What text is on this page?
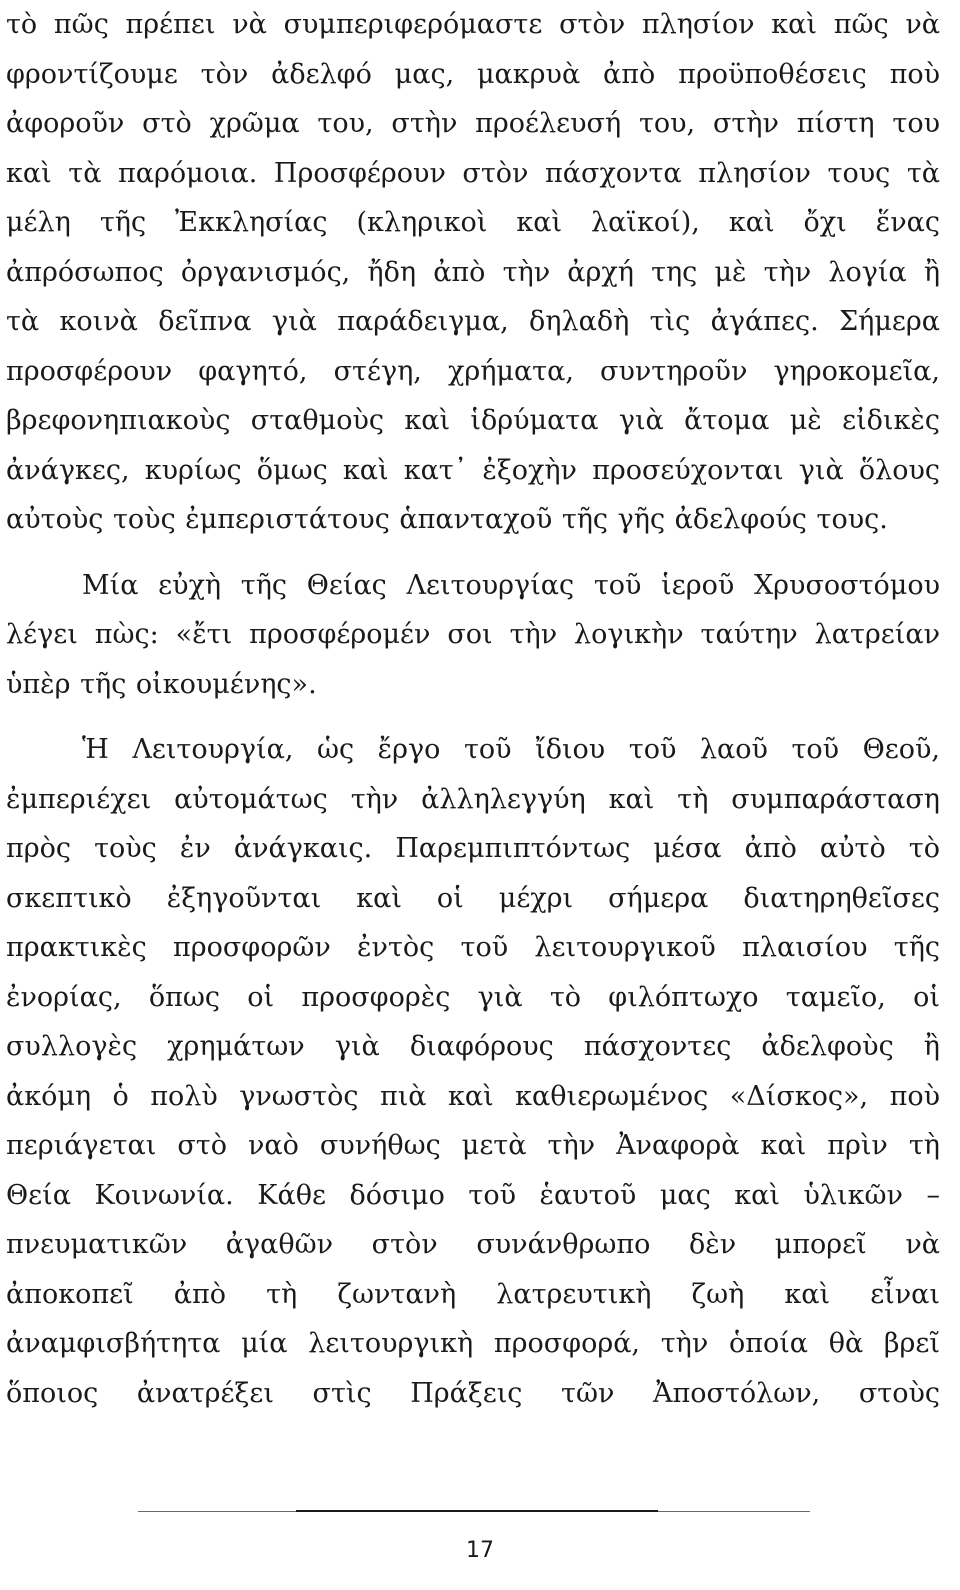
τὸ πῶς πρέπει νὰ συμπεριφερόμαστε στὸν πλησίον καὶ πῶς νὰ
φροντίζουμε τὸν ἀδελφό μας, μακρυὰ ἀπὸ προϋποθέσεις ποὺ
ἀφοροῦν στὸ χρῶμα του, στὴν προέλευσή του, στὴν πίστη του
καὶ τὰ παρόμοια. Προσφέρουν στὸν πάσχοντα πλησίον τους τὰ
μέλη τῆς Ἐκκλησίας (κληρικοὶ καὶ λαϊκοί), καὶ ὄχι ἕνας
ἀπρόσωπος ὀργανισμός, ἤδη ἀπὸ τὴν ἀρχή της μὲ τὴν λογία ἢ
τὰ κοινὰ δεῖπνα γιὰ παράδειγμα, δηλαδὴ τὶς ἀγάπες. Σήμερα
προσφέρουν φαγητό, στέγη, χρήματα, συντηροῦν γηροκομεῖα,
βρεφονηπιακοὺς σταθμοὺς καὶ ἱδρύματα γιὰ ἄτομα μὲ εἰδικὲς
ἀνάγκες, κυρίως ὅμως καὶ κατ᾽ ἐξοχὴν προσεύχονται γιὰ ὅλους
αὐτοὺς τοὺς ἐμπεριστάτους ἁπανταχοῦ τῆς γῆς ἀδελφούς τους.
Μία εὐχὴ τῆς Θείας Λειτουργίας τοῦ ἱεροῦ Χρυσοστόμου
λέγει πὼς: «ἔτι προσφέρομέν σοι τὴν λογικὴν ταύτην λατρείαν
ὑπὲρ τῆς οἰκουμένης».
Ἡ Λειτουργία, ὡς ἔργο τοῦ ἴδιου τοῦ λαοῦ τοῦ Θεοῦ,
ἐμπεριέχει αὐτομάτως τὴν ἀλληλεγγύη καὶ τὴ συμπαράσταση
πρὸς τοὺς ἐν ἀνάγκαις. Παρεμπιπτόντως μέσα ἀπὸ αὐτὸ τὸ
σκεπτικὸ ἐξηγοῦνται καὶ οἱ μέχρι σήμερα διατηρηθεῖσες
πρακτικὲς προσφορῶν ἐντὸς τοῦ λειτουργικοῦ πλαισίου τῆς
ἐνορίας, ὅπως οἱ προσφορὲς γιὰ τὸ φιλόπτωχο ταμεῖο, οἱ
συλλογὲς χρημάτων γιὰ διαφόρους πάσχοντες ἀδελφοὺς ἢ
ἀκόμη ὁ πολὺ γνωστὸς πιὰ καὶ καθιερωμένος «Δίσκος», ποὺ
περιάγεται στὸ ναὸ συνήθως μετὰ τὴν Ἀναφορὰ καὶ πρὶν τὴ
Θεία Κοινωνία. Κάθε δόσιμο τοῦ ἑαυτοῦ μας καὶ ὑλικῶν –
πνευματικῶν ἀγαθῶν στὸν συνάνθρωπο δὲν μπορεῖ νὰ
ἀποκοπεῖ ἀπὸ τὴ ζωντανὴ λατρευτικὴ ζωὴ καὶ εἶναι
ἀναμφισβήτητα μία λειτουργικὴ προσφορά, τὴν ὁποία θὰ βρεῖ
ὅποιος ἀνατρέξει στὶς Πράξεις τῶν Ἀποστόλων, στοὺς
17
